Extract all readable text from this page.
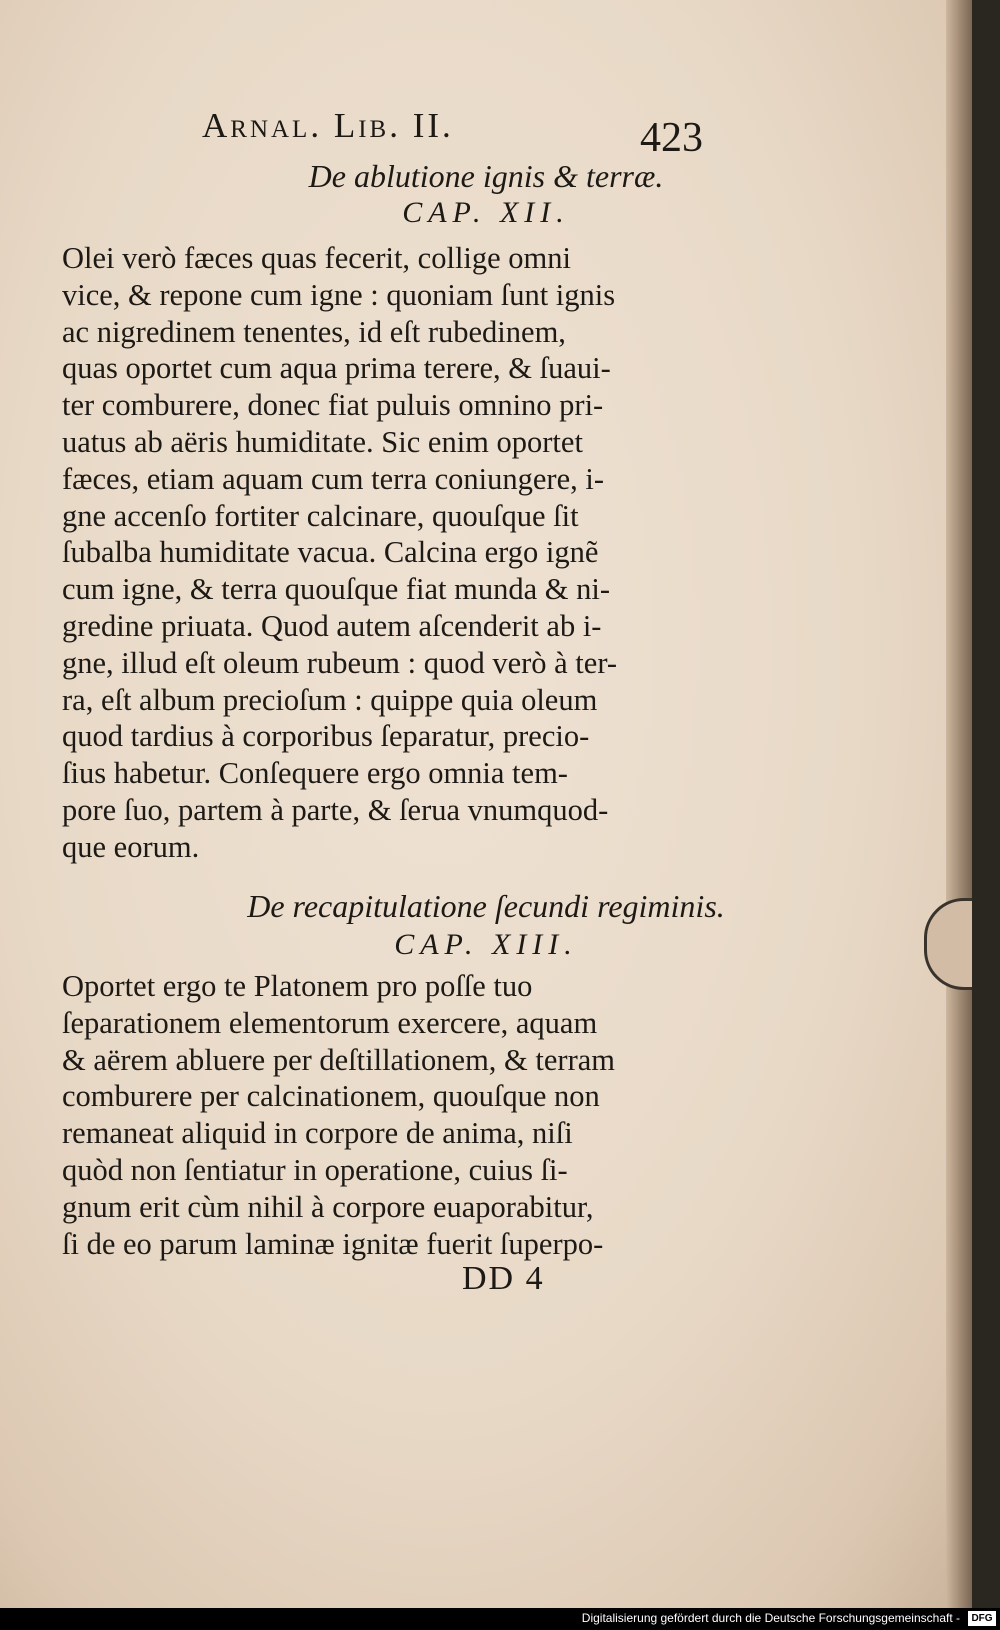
Arnal. Lib. II.	423
De ablutione ignis & terræ.
CAP. XII.
Olei verò fæces quas fecerit, collige omni
vice, & repone cum igne : quoniam ſunt ignis
ac nigredinem tenentes, id eſt rubedinem,
quas oportet cum aqua prima terere, & ſuaui-
ter comburere, donec fiat puluis omnino pri-
uatus ab aëris humiditate. Sic enim oportet
fæces, etiam aquam cum terra coniungere, i-
gne accenſo fortiter calcinare, quouſque ſit
ſubalba humiditate vacua. Calcina ergo ignẽ
cum igne, & terra quouſque fiat munda & ni-
gredine priuata. Quod autem aſcenderit ab i-
gne, illud eſt oleum rubeum : quod verò à ter-
ra, eſt album precioſum : quippe quia oleum
quod tardius à corporibus ſeparatur, precio-
ſius habetur. Conſequere ergo omnia tem-
pore ſuo, partem à parte, & ſerua vnumquod-
que eorum.
De recapitulatione ſecundi regiminis.
CAP. XIII.
Oportet ergo te Platonem pro poſſe tuo
ſeparationem elementorum exercere, aquam
& aërem abluere per deſtillationem, & terram
comburere per calcinationem, quouſque non
remaneat aliquid in corpore de anima, niſi
quòd non ſentiatur in operatione, cuius ſi-
gnum erit cùm nihil à corpore euaporabitur,
ſi de eo parum laminæ ignitæ fuerit ſuperpo-
DD 4
Digitalisierung gefördert durch die Deutsche Forschungsgemeinschaft -	DFG
